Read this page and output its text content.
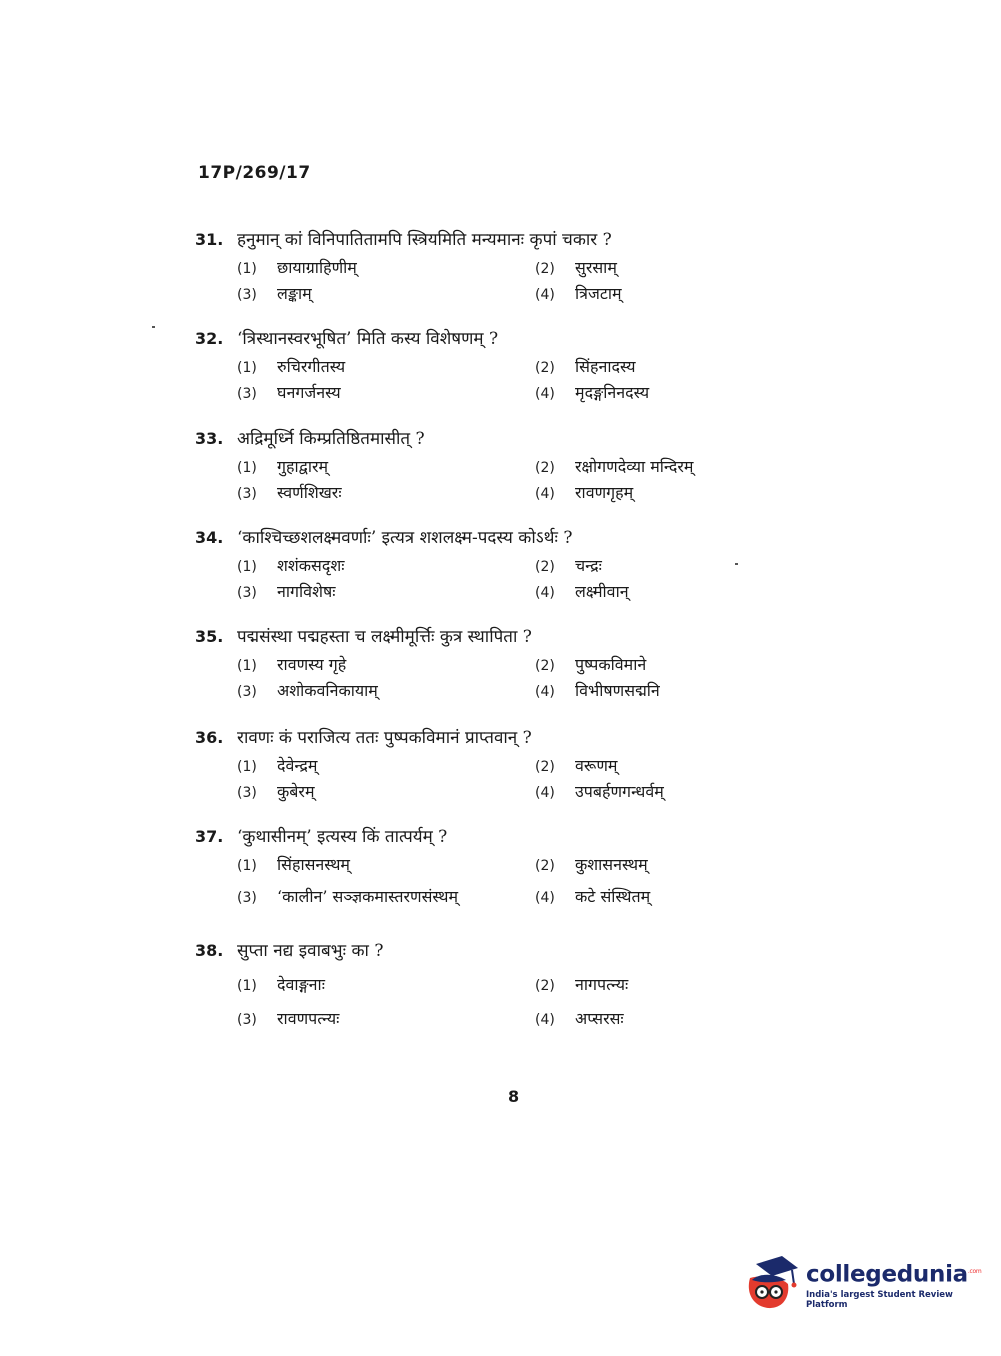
17P/269/17
31. हनुमान् कां विनिपातितामपि स्त्रियमिति मन्यमानः कृपां चकार ?
(1)	छायाग्राहिणीम्	(2)	सुरसाम्
(3)	लङ्काम्	(4)	त्रिजटाम्
32. ‘त्रिस्थानस्वरभूषित’ मिति कस्य विशेषणम् ?
(1)	रुचिरगीतस्य	(2)	सिंहनादस्य
(3)	घनगर्जनस्य	(4)	मृदङ्गनिनदस्य
33. अद्रिमूर्ध्नि किम्प्रतिष्ठितमासीत् ?
(1)	गुहाद्वारम्	(2)	रक्षोगणदेव्या मन्दिरम्
(3)	स्वर्णशिखरः	(4)	रावणगृहम्
34. ‘काश्चिच्छशलक्ष्मवर्णाः’ इत्यत्र शशलक्ष्म-पदस्य कोऽर्थः ?
(1)	शशंकसदृशः	(2)	चन्द्रः
(3)	नागविशेषः	(4)	लक्ष्मीवान्
35. पद्मसंस्था पद्महस्ता च लक्ष्मीमूर्त्तिः कुत्र स्थापिता ?
(1)	रावणस्य गृहे	(2)	पुष्पकविमाने
(3)	अशोकवनिकायाम्	(4)	विभीषणसद्मनि
36. रावणः कं पराजित्य ततः पुष्पकविमानं प्राप्तवान् ?
(1)	देवेन्द्रम्	(2)	वरूणम्
(3)	कुबेरम्	(4)	उपबर्हणगन्धर्वम्
37. ‘कुथासीनम्’ इत्यस्य किं तात्पर्यम् ?
(1)	सिंहासनस्थम्	(2)	कुशासनस्थम्
(3)	‘कालीन’ सञ्ज्ञकमास्तरणसंस्थम्	(4)	कटे संस्थितम्
38. सुप्ता नद्य इवाबभुः का ?
(1)	देवाङ्गनाः	(2)	नागपत्न्यः
(3)	रावणपत्न्यः	(4)	अप्सरसः
8
collegedunia$^{.com}$
India's largest Student Review Platform
